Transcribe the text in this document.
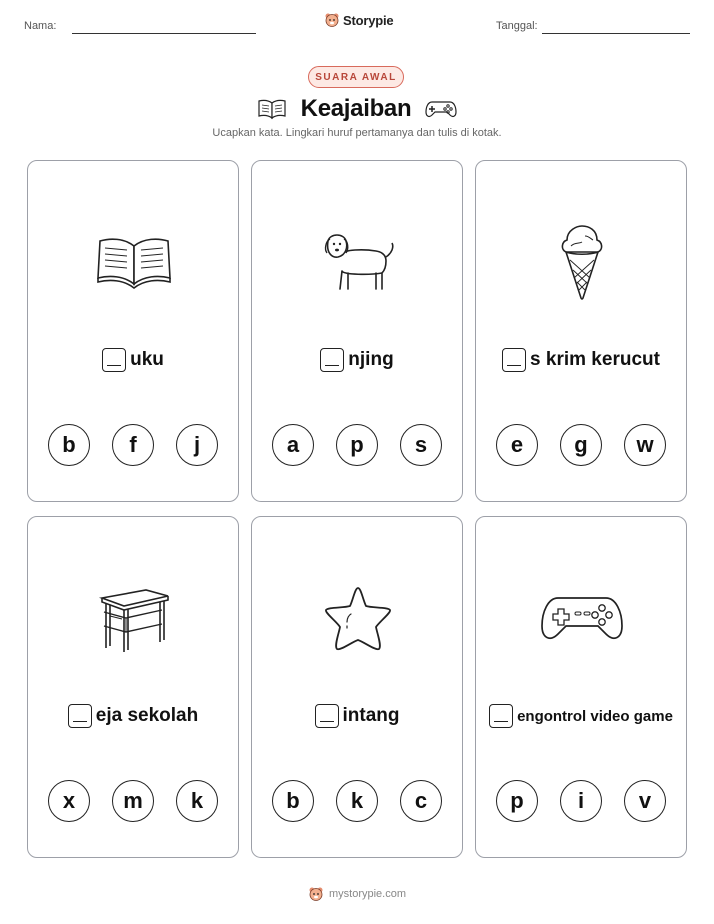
Nama:	Storypie	Tanggal:
SUARA AWAL
Keajaiban
Ucapkan kata. Lingkari huruf pertamanya dan tulis di kotak.
uku
b	f	j
njing
a	p	s
s krim kerucut
e	g	w
eja sekolah
x	m	k
intang
b	k	c
engontrol video game
p	i	v
mystorypie.com
